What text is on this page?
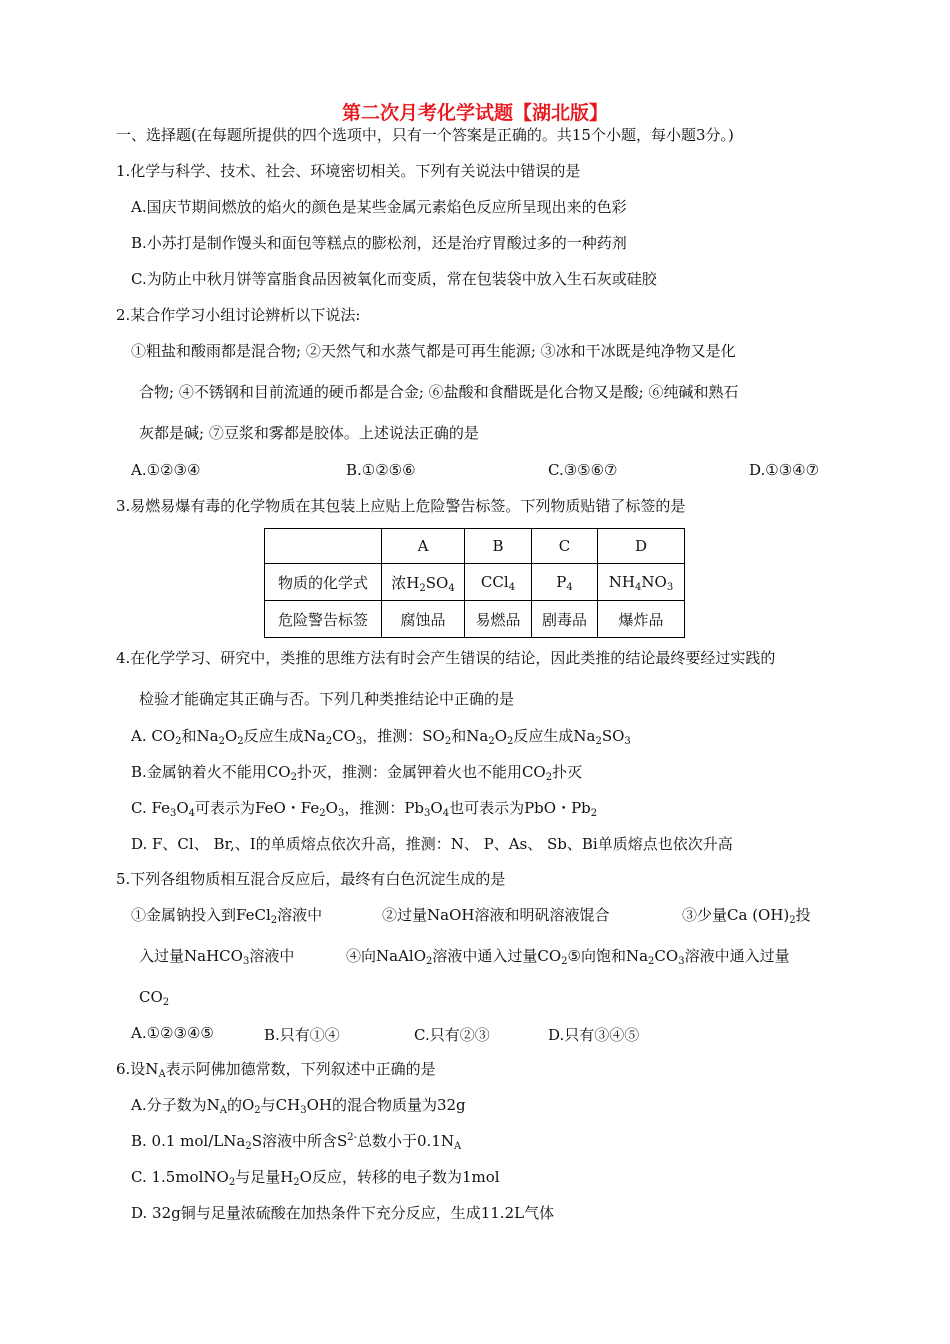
第二次月考化学试题【湖北版】
一、选择题(在每题所提供的四个选项中，只有一个答案是正确的。共15个小题，每小题3分。)
1.化学与科学、技术、社会、环境密切相关。下列有关说法中错误的是
A.国庆节期间燃放的焰火的颜色是某些金属元素焰色反应所呈现出来的色彩
B.小苏打是制作馒头和面包等糕点的膨松剂，还是治疗胃酸过多的一种药剂
C.为防止中秋月饼等富脂食品因被氧化而变质，常在包装袋中放入生石灰或硅胶
2.某合作学习小组讨论辨析以下说法:
①粗盐和酸雨都是混合物; ②天然气和水蒸气都是可再生能源; ③冰和干冰既是纯净物又是化
合物; ④不锈钢和目前流通的硬币都是合金; ⑥盐酸和食醋既是化合物又是酸; ⑥纯碱和熟石
灰都是碱; ⑦豆浆和雾都是胶体。上述说法正确的是
A.①②③④	B.①②⑤⑥	C.③⑤⑥⑦	D.①③④⑦
3.易燃易爆有毒的化学物质在其包装上应贴上危险警告标签。下列物质贴错了标签的是
	A	B	C	D
物质的化学式	浓$H_2SO_4$	CCl$_4$	$P_4$	$NH_4NO_3$
危险警告标签	腐蚀品	易燃品	剧毒品	爆炸品
4.在化学学习、研究中，类推的思维方法有时会产生错误的结论，因此类推的结论最终要经过实践的
检验才能确定其正确与否。下列几种类推结论中正确的是
A. $CO_2$和$Na_2O_2$反应生成$Na_2CO_3$，推测：$SO_2$和$Na_2O_2$反应生成$Na_2SO_3$
B.金属钠着火不能用$CO_2$扑灭，推测：金属钾着火也不能用$CO_2$扑灭
C. $Fe_3O_4$可表示为FeO・$Fe_2O_3$，推测：$Pb_3O_4$也可表示为PbO・$Pb_2$
D. F、Cl、 Br,、I的单质熔点依次升高，推测：N、 P、As、 Sb、Bi单质熔点也依次升高
5.下列各组物质相互混合反应后，最终有白色沉淀生成的是
①金属钠投入到FeCl$_2$溶液中	②过量NaOH溶液和明矾溶液馄合	③少量Ca $(OH)_2$投
入过量NaHCO$_3$溶液中	④向NaAlO$_2$溶液中通入过量$CO_2⑤$向饱和$Na_2CO_3$溶液中通入过量
$CO_2$
A.①②③④⑤	B.只有①④	C.只有②③	D.只有③④⑤
6.设$N_A$表示阿佛加德常数，下列叙述中正确的是
A.分子数为$N_A$的$O_2$与$CH_3OH$的混合物质量为32g
B. 0.1 mol/LNa$_2$S溶液中所含$S^{2-}$总数小于$0.1N_A$
C. 1.5molNO$_2$与足量$H_2O$反应，转移的电子数为1mol
D. 32g铜与足量浓硫酸在加热条件下充分反应，生成11.2L气体
